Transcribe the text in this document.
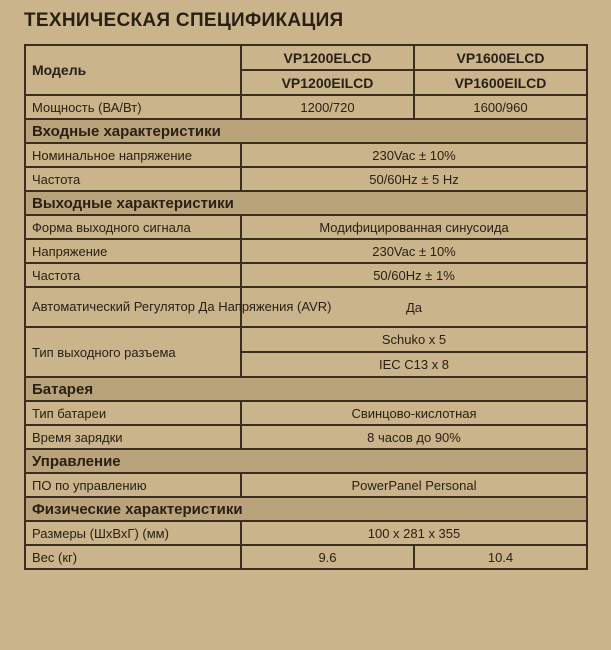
ТЕХНИЧЕСКАЯ СПЕЦИФИКАЦИЯ
Модель	VP1200ELCD	VP1600ELCD
	VP1200EILCD	VP1600EILCD
Мощность (ВА/Вт)	1200/720	1600/960
Входные характеристики		
Номинальное напряжение	230Vac ± 10%	
Частота	50/60Hz ± 5 Hz	
Выходные характеристики		
Форма выходного сигнала	Модифицированная синусоида	
Напряжение	230Vac ± 10%	
Частота	50/60Hz ± 1%	
Автоматический Регулятор Да Напряжения (AVR)	Да	
Тип выходного разъема	Schuko x 5	
	IEC C13 x 8	
Батарея		
Тип батареи	Свинцово-кислотная	
Время зарядки	8 часов до 90%	
Управление		
ПО по управлению	PowerPanel Personal	
Физические характеристики		
Размеры (ШхВхГ) (мм)	100 x 281 x 355	
Вес (кг)	9.6	10.4
